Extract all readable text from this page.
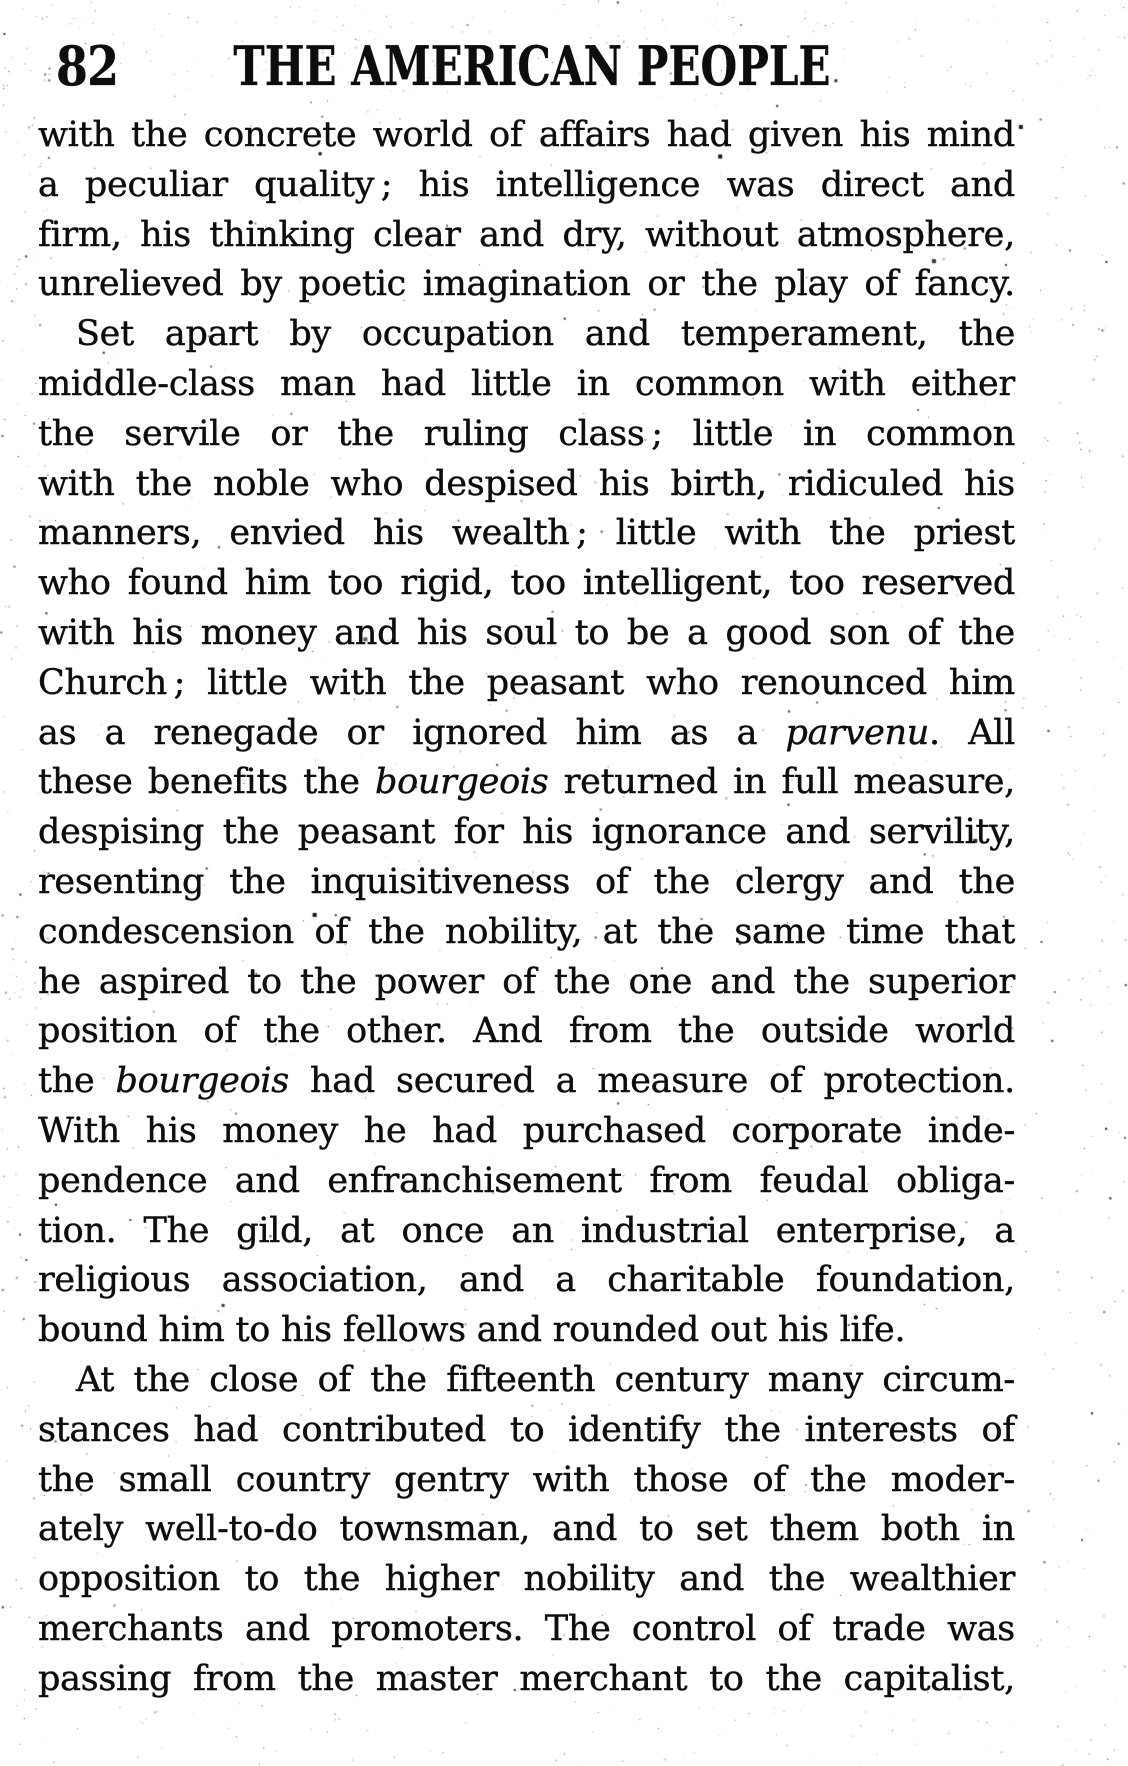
82 THE AMERICAN PEOPLE
with the concrete world of affairs had given his mind
a peculiar quality ; his intelligence was direct and
firm, his thinking clear and dry, without atmosphere,
unrelieved by poetic imagination or the play of fancy.
Set apart by occupation and temperament, the
middle-class man had little in common with either
the servile or the ruling class ; little in common
with the noble who despised his birth, ridiculed his
manners, envied his wealth ; little with the priest
who found him too rigid, too intelligent, too reserved
with his money and his soul to be a good son of the
Church ; little with the peasant who renounced him
as a renegade or ignored him as a parvenu. All
these benefits the bourgeois returned in full measure,
despising the peasant for his ignorance and servility,
resenting the inquisitiveness of the clergy and the
condescension of the nobility, at the same time that
he aspired to the power of the one and the superior
position of the other. And from the outside world
the bourgeois had secured a measure of protection.
With his money he had purchased corporate inde-
pendence and enfranchisement from feudal obliga-
tion. The gild, at once an industrial enterprise, a
religious association, and a charitable foundation,
bound him to his fellows and rounded out his life.
At the close of the fifteenth century many circum-
stances had contributed to identify the interests of
the small country gentry with those of the moder-
ately well-to-do townsman, and to set them both in
opposition to the higher nobility and the wealthier
merchants and promoters. The control of trade was
passing from the master merchant to the capitalist,
